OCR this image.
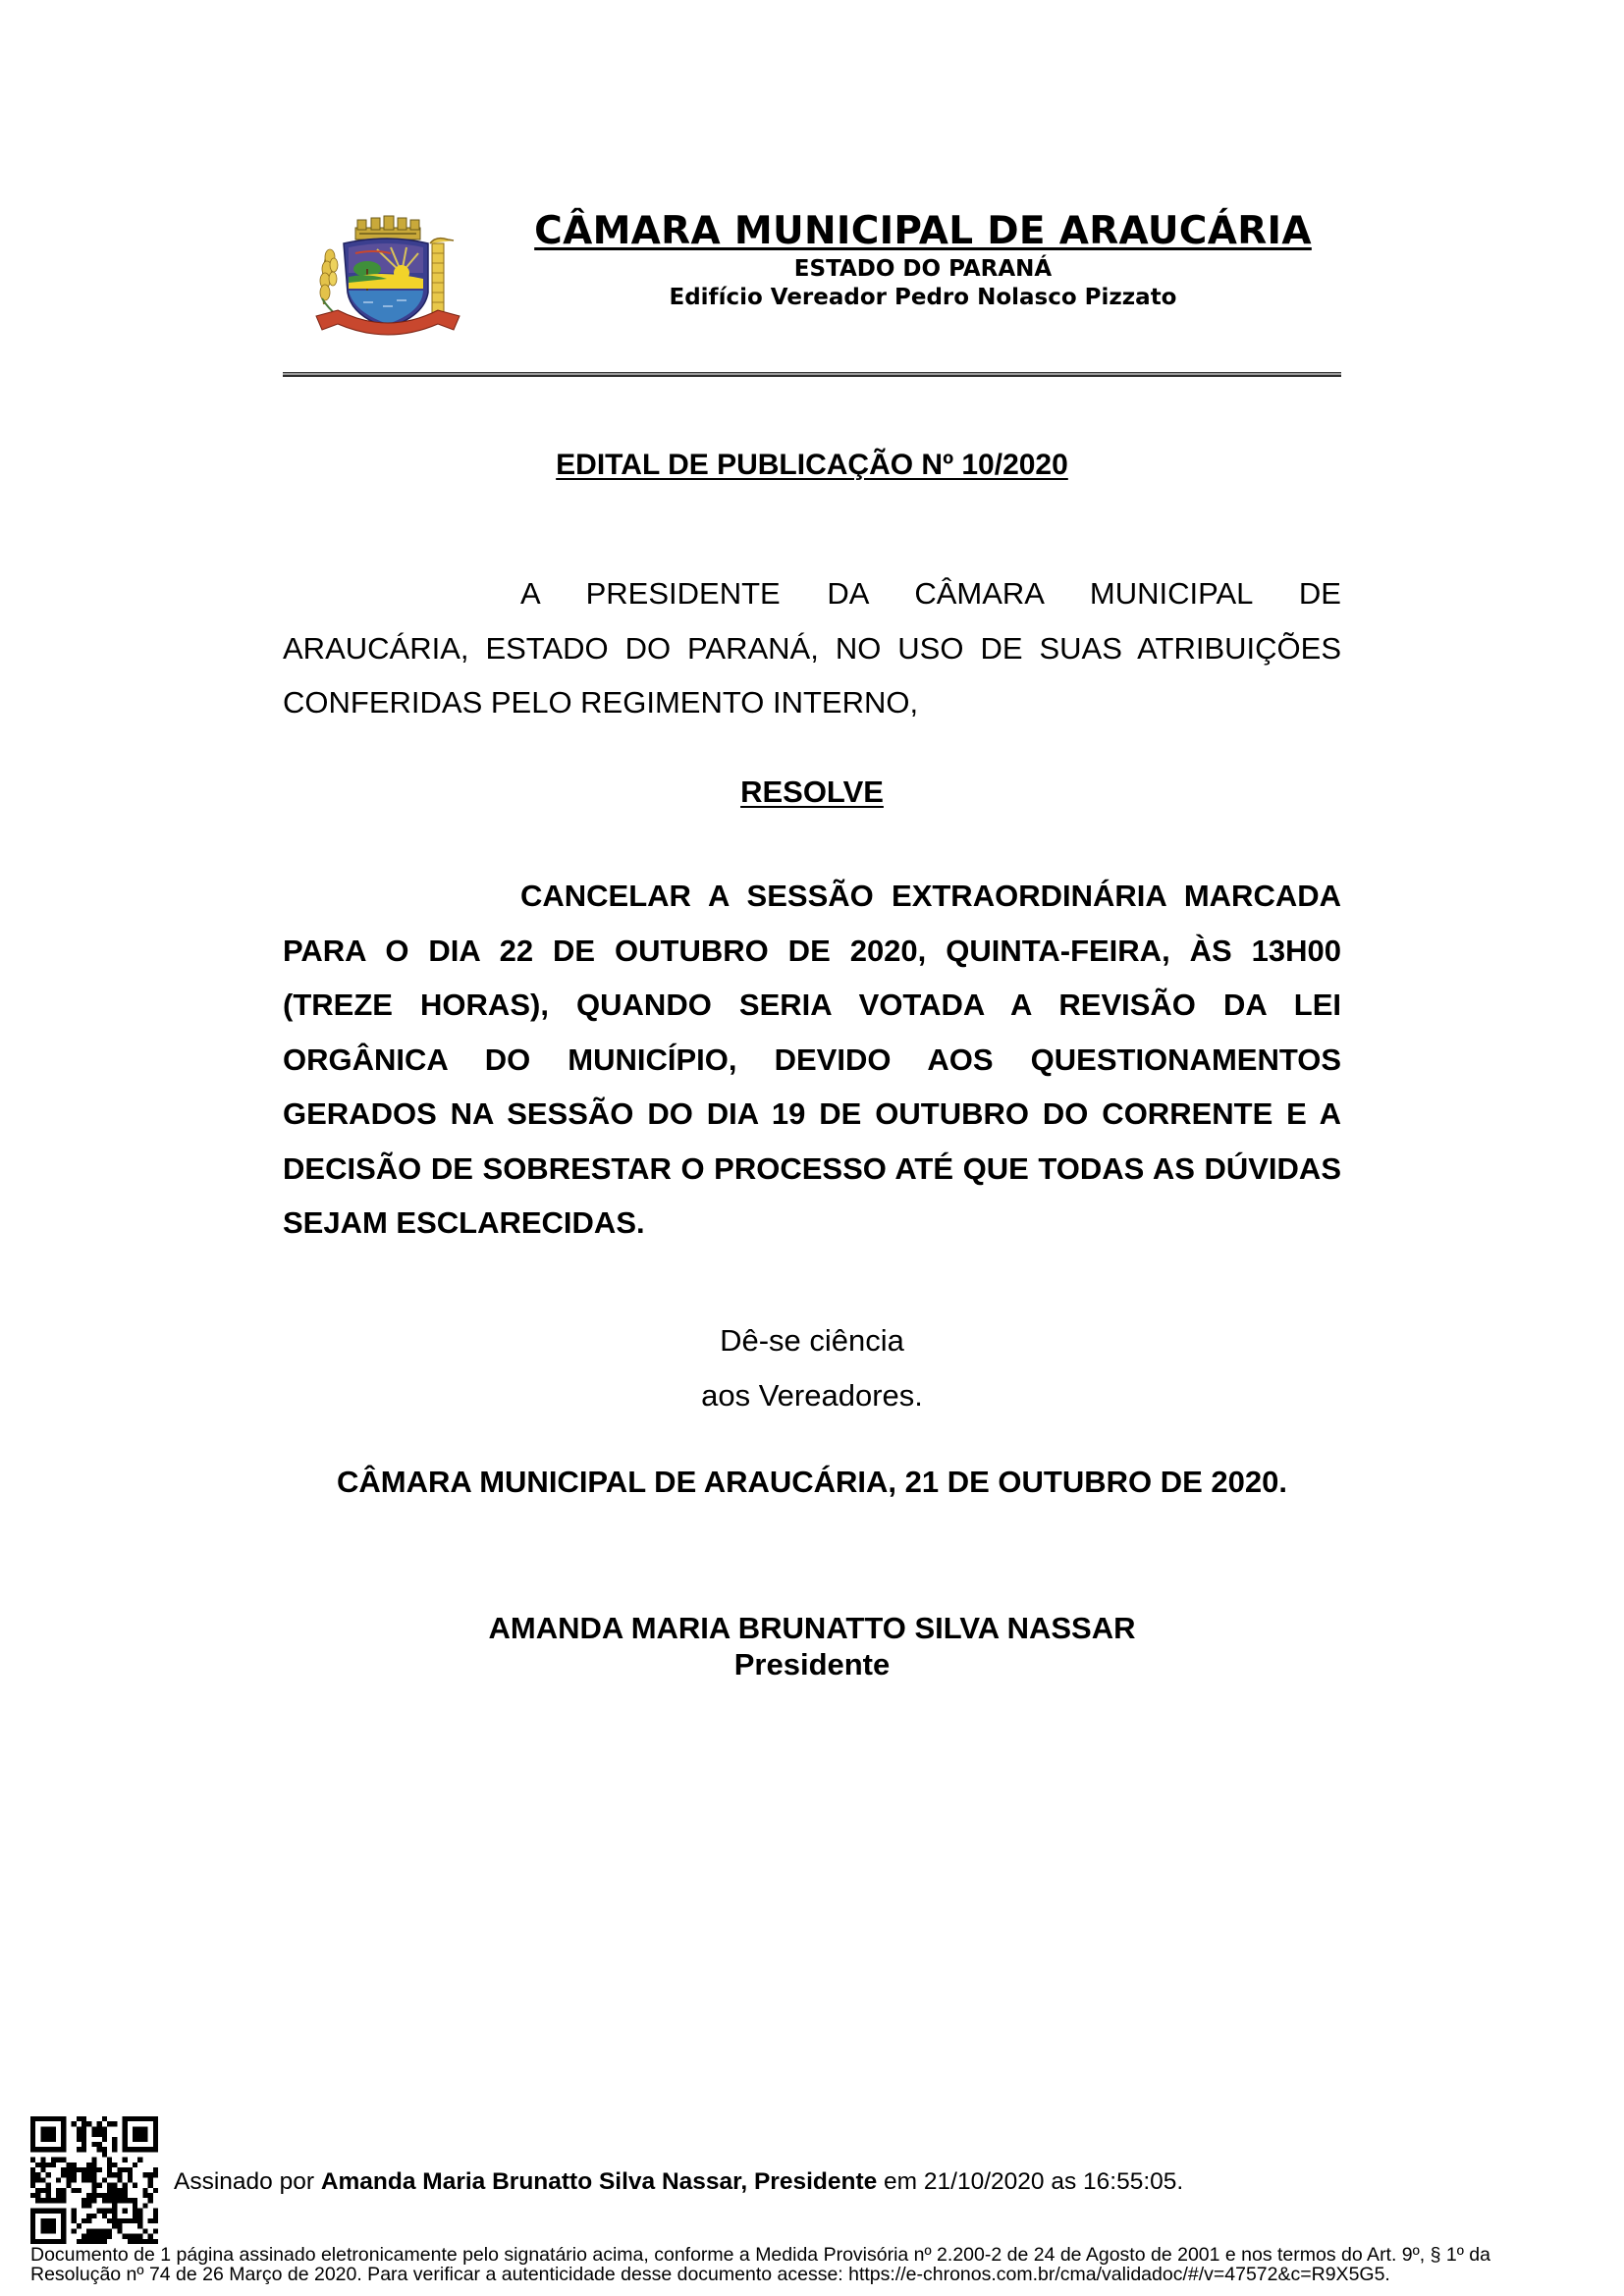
CÂMARA MUNICIPAL DE ARAUCÁRIA
ESTADO DO PARANÁ
Edifício Vereador Pedro Nolasco Pizzato
EDITAL DE PUBLICAÇÃO Nº 10/2020

A PRESIDENTE DA CÂMARA MUNICIPAL DE ARAUCÁRIA, ESTADO DO PARANÁ, NO USO DE SUAS ATRIBUIÇÕES CONFERIDAS PELO REGIMENTO INTERNO,

RESOLVE

CANCELAR A SESSÃO EXTRAORDINÁRIA MARCADA PARA O DIA 22 DE OUTUBRO DE 2020, QUINTA-FEIRA, ÀS 13H00 (TREZE HORAS), QUANDO SERIA VOTADA A REVISÃO DA LEI ORGÂNICA DO MUNICÍPIO, DEVIDO AOS QUESTIONAMENTOS GERADOS NA SESSÃO DO DIA 19 DE OUTUBRO DO CORRENTE E A DECISÃO DE SOBRESTAR O PROCESSO ATÉ QUE TODAS AS DÚVIDAS SEJAM ESCLARECIDAS.

Dê-se ciência
aos Vereadores.
CÂMARA MUNICIPAL DE ARAUCÁRIA, 21 DE OUTUBRO DE 2020.
AMANDA MARIA BRUNATTO SILVA NASSAR
Presidente
Assinado por Amanda Maria Brunatto Silva Nassar, Presidente em 21/10/2020 as 16:55:05.
Documento de 1 página assinado eletronicamente pelo signatário acima, conforme a Medida Provisória nº 2.200-2 de 24 de Agosto de 2001 e nos termos do Art. 9º, § 1º da
Resolução nº 74 de 26 Março de 2020. Para verificar a autenticidade desse documento acesse: https://e-chronos.com.br/cma/validadoc/#/v=47572&c=R9X5G5.
